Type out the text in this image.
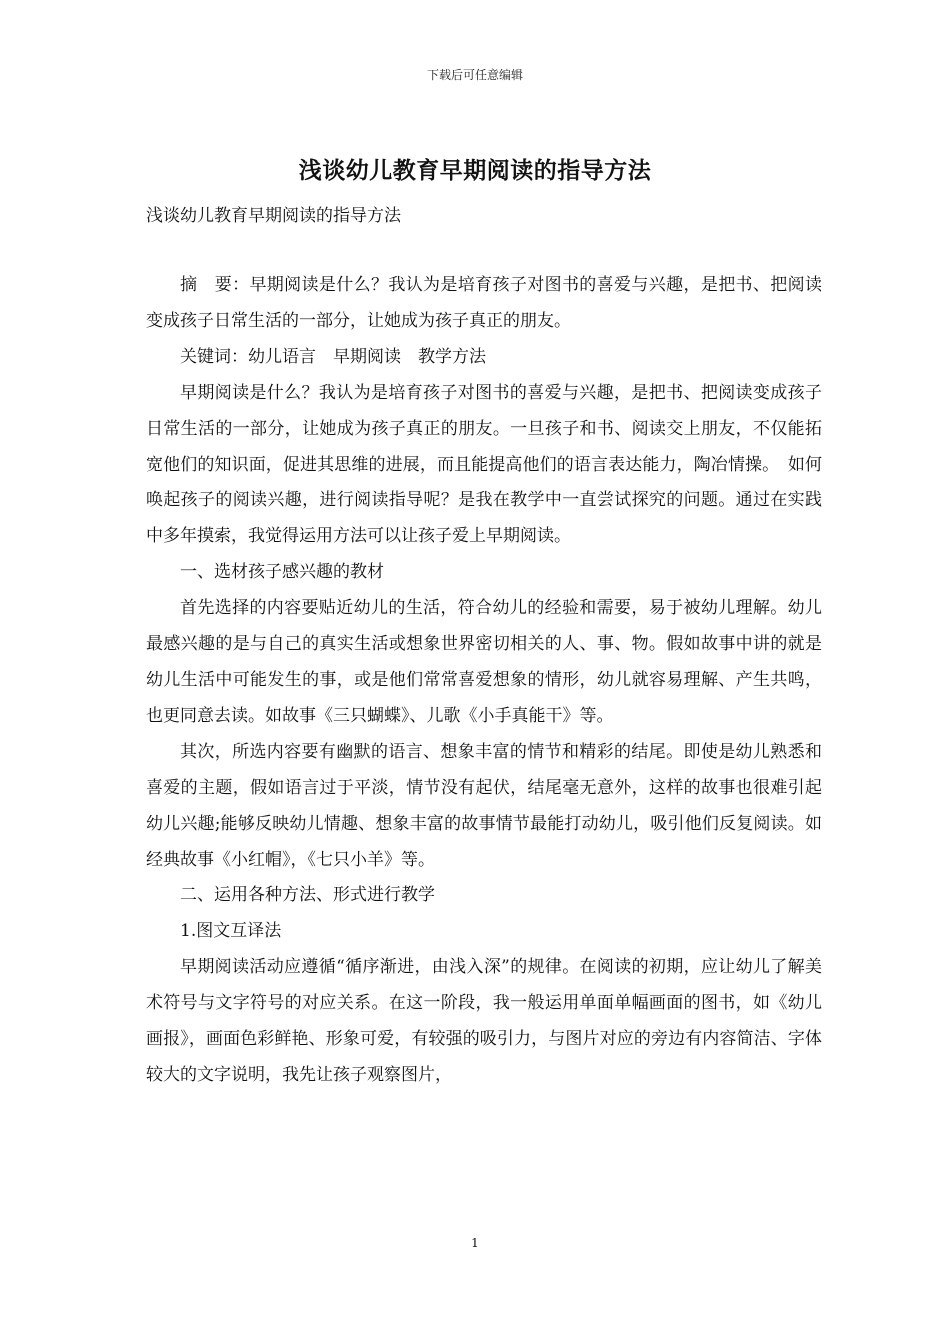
下载后可任意编辑
浅谈幼儿教育早期阅读的指导方法
浅谈幼儿教育早期阅读的指导方法

摘　要：早期阅读是什么？我认为是培育孩子对图书的喜爱与兴趣，是把书、把阅读变成孩子日常生活的一部分，让她成为孩子真正的朋友。

关键词：幼儿语言　早期阅读　教学方法

早期阅读是什么？我认为是培育孩子对图书的喜爱与兴趣，是把书、把阅读变成孩子日常生活的一部分，让她成为孩子真正的朋友。一旦孩子和书、阅读交上朋友，不仅能拓宽他们的知识面，促进其思维的进展，而且能提高他们的语言表达能力，陶冶情操。　如何唤起孩子的阅读兴趣，进行阅读指导呢？是我在教学中一直尝试探究的问题。通过在实践中多年摸索，我觉得运用方法可以让孩子爱上早期阅读。

一、选材孩子感兴趣的教材

首先选择的内容要贴近幼儿的生活，符合幼儿的经验和需要，易于被幼儿理解。幼儿最感兴趣的是与自己的真实生活或想象世界密切相关的人、事、物。假如故事中讲的就是幼儿生活中可能发生的事，或是他们常常喜爱想象的情形，幼儿就容易理解、产生共鸣，也更同意去读。如故事《三只蝴蝶》、儿歌《小手真能干》等。

其次，所选内容要有幽默的语言、想象丰富的情节和精彩的结尾。即使是幼儿熟悉和喜爱的主题，假如语言过于平淡，情节没有起伏，结尾毫无意外，这样的故事也很难引起幼儿兴趣;能够反映幼儿情趣、想象丰富的故事情节最能打动幼儿，吸引他们反复阅读。如经典故事《小红帽》，《七只小羊》等。

二、运用各种方法、形式进行教学

1.图文互译法

早期阅读活动应遵循“循序渐进，由浅入深”的规律。在阅读的初期，应让幼儿了解美术符号与文字符号的对应关系。在这一阶段，我一般运用单面单幅画面的图书，如《幼儿画报》，画面色彩鲜艳、形象可爱，有较强的吸引力，与图片对应的旁边有内容简洁、字体较大的文字说明，我先让孩子观察图片，

1
